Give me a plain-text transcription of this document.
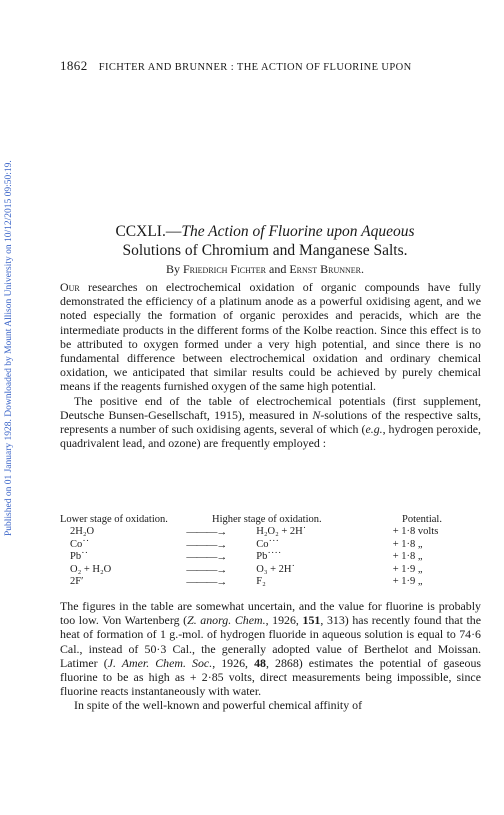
Published on 01 January 1928. Downloaded by Mount Allison University on 10/12/2015 09:50:19.
1862 FICHTER AND BRUNNER : THE ACTION OF FLUORINE UPON
CCXLI.—The Action of Fluorine upon Aqueous
Solutions of Chromium and Manganese Salts.
By Friedrich Fichter and Ernst Brunner.

Our researches on electrochemical oxidation of organic compounds have fully demonstrated the efficiency of a platinum anode as a powerful oxidising agent, and we noted especially the formation of organic peroxides and peracids, which are the intermediate products in the different forms of the Kolbe reaction. Since this effect is to be attributed to oxygen formed under a very high potential, and since there is no fundamental difference between electrochemical oxidation and ordinary chemical oxidation, we anticipated that similar results could be achieved by purely chemical means if the reagents furnished oxygen of the same high potential.

The positive end of the table of electrochemical potentials (first supplement, Deutsche Bunsen-Gesellschaft, 1915), measured in N-solutions of the respective salts, represents a number of such oxidising agents, several of which (e.g., hydrogen peroxide, quadrivalent lead, and ozone) are frequently employed :

Lower stage of oxidation.	Higher stage of oxidation.	Potential.
2H₂O	———→	H₂O₂ + 2H˙	+ 1·8 volts
Co˙˙	———→	Co˙˙˙	+ 1·8 „
Pb˙˙	———→	Pb˙˙˙˙	+ 1·8 „
O₂ + H₂O	———→	O₃ + 2H˙	+ 1·9 „
2F′	———→	F₂	+ 1·9 „

The figures in the table are somewhat uncertain, and the value for fluorine is probably too low. Von Wartenberg (Z. anorg. Chem., 1926, 151, 313) has recently found that the heat of formation of 1 g.-mol. of hydrogen fluoride in aqueous solution is equal to 74·6 Cal., instead of 50·3 Cal., the generally adopted value of Berthelot and Moissan. Latimer (J. Amer. Chem. Soc., 1926, 48, 2868) estimates the potential of gaseous fluorine to be as high as + 2·85 volts, direct measurements being impossible, since fluorine reacts instantaneously with water.

In spite of the well-known and powerful chemical affinity of
